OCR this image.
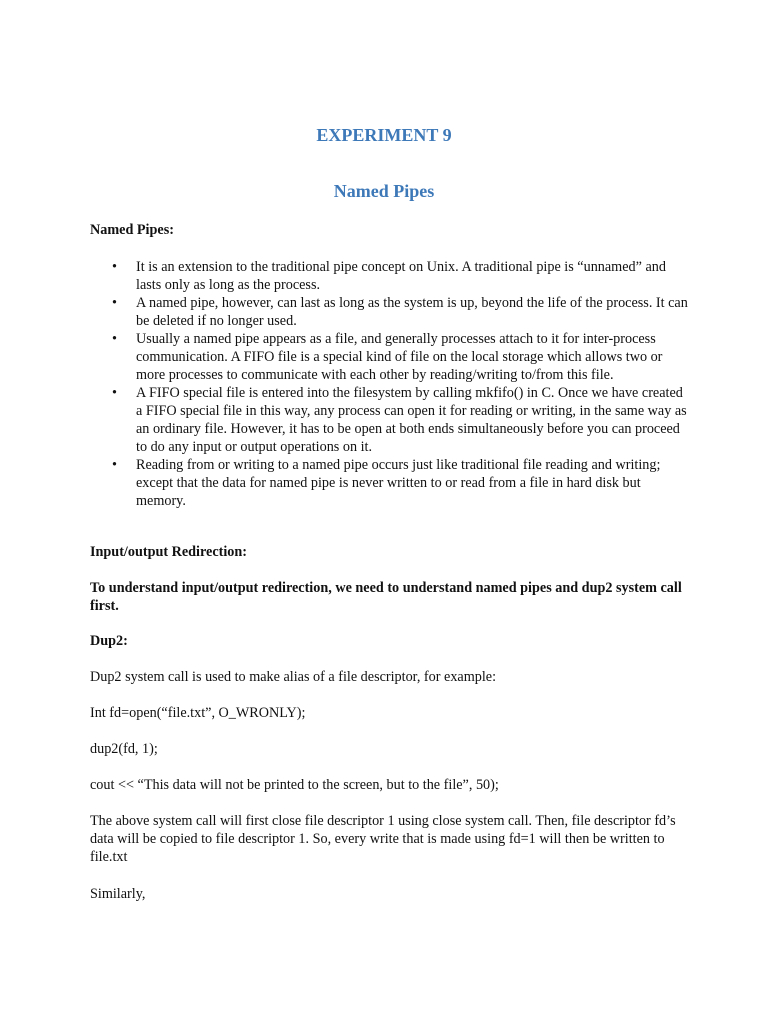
EXPERIMENT 9
Named Pipes
Named Pipes:
• It is an extension to the traditional pipe concept on Unix. A traditional pipe is “unnamed” and lasts only as long as the process.
• A named pipe, however, can last as long as the system is up, beyond the life of the process. It can be deleted if no longer used.
• Usually a named pipe appears as a file, and generally processes attach to it for inter-process communication. A FIFO file is a special kind of file on the local storage which allows two or more processes to communicate with each other by reading/writing to/from this file.
• A FIFO special file is entered into the filesystem by calling mkfifo() in C. Once we have created a FIFO special file in this way, any process can open it for reading or writing, in the same way as an ordinary file. However, it has to be open at both ends simultaneously before you can proceed to do any input or output operations on it.
• Reading from or writing to a named pipe occurs just like traditional file reading and writing; except that the data for named pipe is never written to or read from a file in hard disk but memory.
Input/output Redirection:
To understand input/output redirection, we need to understand named pipes and dup2 system call first.
Dup2:
Dup2 system call is used to make alias of a file descriptor, for example:
Int fd=open(“file.txt”, O_WRONLY);
dup2(fd, 1);
cout << “This data will not be printed to the screen, but to the file”, 50);
The above system call will first close file descriptor 1 using close system call. Then, file descriptor fd’s data will be copied to file descriptor 1. So, every write that is made using fd=1 will then be written to file.txt
Similarly,
